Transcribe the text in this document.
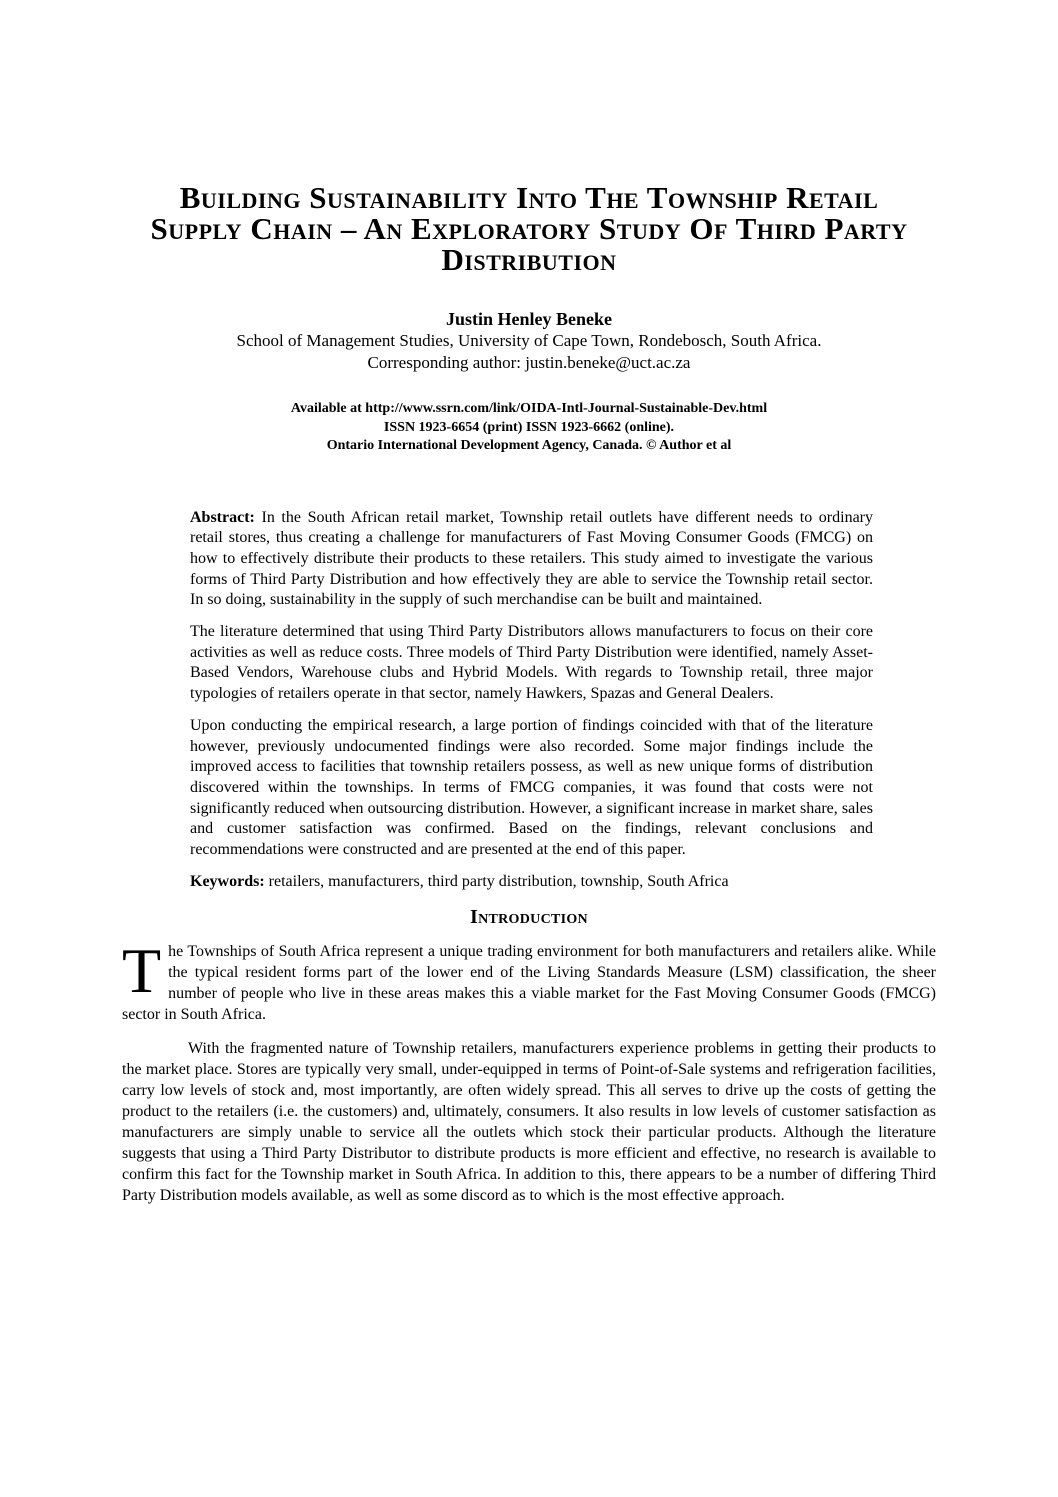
Building Sustainability Into The Township Retail
Supply Chain – An Exploratory Study Of Third Party
Distribution
Justin Henley Beneke
School of Management Studies, University of Cape Town, Rondebosch, South Africa.
Corresponding author: justin.beneke@uct.ac.za
Available at http://www.ssrn.com/link/OIDA-Intl-Journal-Sustainable-Dev.html
ISSN 1923-6654 (print) ISSN 1923-6662 (online).
Ontario International Development Agency, Canada. © Author et al

Abstract: In the South African retail market, Township retail outlets have different needs to ordinary retail stores, thus creating a challenge for manufacturers of Fast Moving Consumer Goods (FMCG) on how to effectively distribute their products to these retailers. This study aimed to investigate the various forms of Third Party Distribution and how effectively they are able to service the Township retail sector. In so doing, sustainability in the supply of such merchandise can be built and maintained.

The literature determined that using Third Party Distributors allows manufacturers to focus on their core activities as well as reduce costs. Three models of Third Party Distribution were identified, namely Asset-Based Vendors, Warehouse clubs and Hybrid Models. With regards to Township retail, three major typologies of retailers operate in that sector, namely Hawkers, Spazas and General Dealers.

Upon conducting the empirical research, a large portion of findings coincided with that of the literature however, previously undocumented findings were also recorded. Some major findings include the improved access to facilities that township retailers possess, as well as new unique forms of distribution discovered within the townships. In terms of FMCG companies, it was found that costs were not significantly reduced when outsourcing distribution. However, a significant increase in market share, sales and customer satisfaction was confirmed. Based on the findings, relevant conclusions and recommendations were constructed and are presented at the end of this paper.

Keywords: retailers, manufacturers, third party distribution, township, South Africa

Introduction

The Townships of South Africa represent a unique trading environment for both manufacturers and retailers alike. While the typical resident forms part of the lower end of the Living Standards Measure (LSM) classification, the sheer number of people who live in these areas makes this a viable market for the Fast Moving Consumer Goods (FMCG) sector in South Africa.

With the fragmented nature of Township retailers, manufacturers experience problems in getting their products to the market place. Stores are typically very small, under-equipped in terms of Point-of-Sale systems and refrigeration facilities, carry low levels of stock and, most importantly, are often widely spread. This all serves to drive up the costs of getting the product to the retailers (i.e. the customers) and, ultimately, consumers. It also results in low levels of customer satisfaction as manufacturers are simply unable to service all the outlets which stock their particular products. Although the literature suggests that using a Third Party Distributor to distribute products is more efficient and effective, no research is available to confirm this fact for the Township market in South Africa. In addition to this, there appears to be a number of differing Third Party Distribution models available, as well as some discord as to which is the most effective approach.
